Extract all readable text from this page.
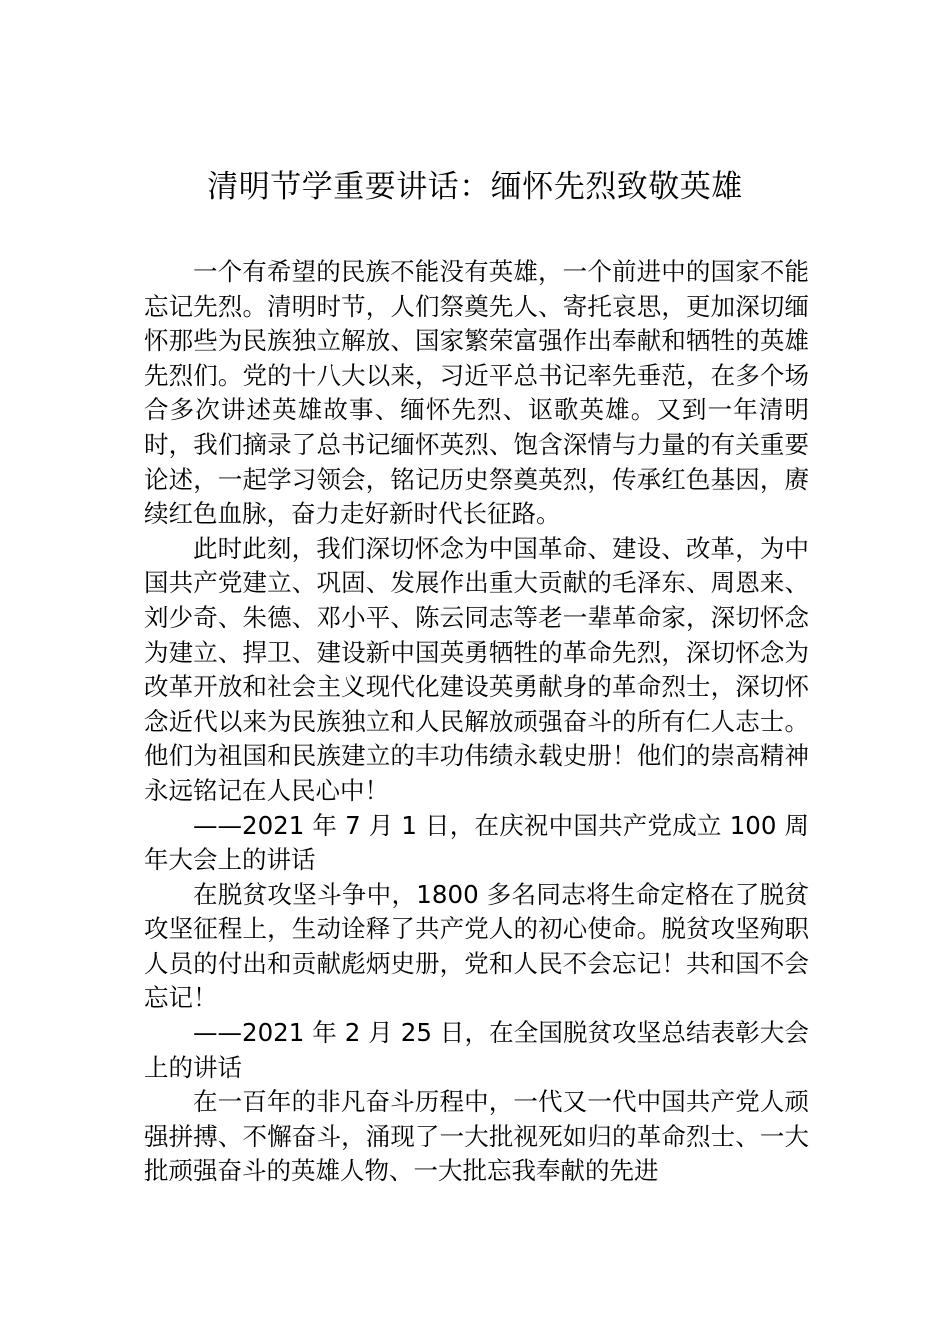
清明节学重要讲话：缅怀先烈致敬英雄

一个有希望的民族不能没有英雄，一个前进中的国家不能忘记先烈。清明时节，人们祭奠先人、寄托哀思，更加深切缅怀那些为民族独立解放、国家繁荣富强作出奉献和牺牲的英雄先烈们。党的十八大以来，习近平总书记率先垂范，在多个场合多次讲述英雄故事、缅怀先烈、讴歌英雄。又到一年清明时，我们摘录了总书记缅怀英烈、饱含深情与力量的有关重要论述，一起学习领会，铭记历史祭奠英烈，传承红色基因，赓续红色血脉，奋力走好新时代长征路。

此时此刻，我们深切怀念为中国革命、建设、改革，为中国共产党建立、巩固、发展作出重大贡献的毛泽东、周恩来、刘少奇、朱德、邓小平、陈云同志等老一辈革命家，深切怀念为建立、捍卫、建设新中国英勇牺牲的革命先烈，深切怀念为改革开放和社会主义现代化建设英勇献身的革命烈士，深切怀念近代以来为民族独立和人民解放顽强奋斗的所有仁人志士。他们为祖国和民族建立的丰功伟绩永载史册！他们的崇高精神永远铭记在人民心中！

——2021 年 7 月 1 日，在庆祝中国共产党成立 100 周年大会上的讲话

在脱贫攻坚斗争中，1800 多名同志将生命定格在了脱贫攻坚征程上，生动诠释了共产党人的初心使命。脱贫攻坚殉职人员的付出和贡献彪炳史册，党和人民不会忘记！共和国不会忘记！

——2021 年 2 月 25 日，在全国脱贫攻坚总结表彰大会上的讲话

在一百年的非凡奋斗历程中，一代又一代中国共产党人顽强拼搏、不懈奋斗，涌现了一大批视死如归的革命烈士、一大批顽强奋斗的英雄人物、一大批忘我奉献的先进
